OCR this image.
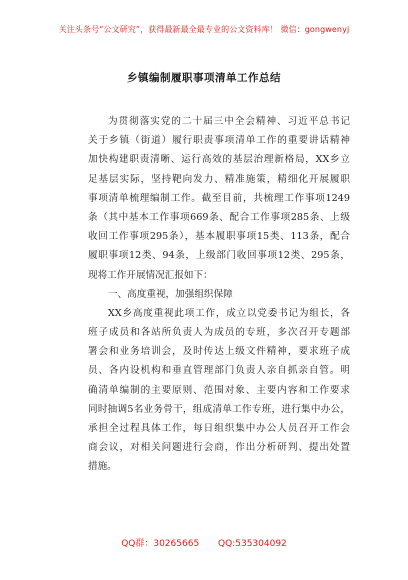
关注头条号“公文研究”，获得最新最全最专业的公文资料库！ 微信：gongwenyj
乡镇编制履职事项清单工作总结
为贯彻落实党的二十届三中全会精神、习近平总书记
关于乡镇（街道）履行职责事项清单工作的重要讲话精神
加快构建职责清晰、运行高效的基层治理新格局，XX乡立
足基层实际，坚持靶向发力、精准施策，精细化开展履职
事项清单梳理编制工作。截至目前，共梳理工作事项1249
条（其中基本工作事项669条、配合工作事项285条、上级
收回工作事项295条），基本履职事项15类、113条，配合
履职事项12类、94条，上级部门收回事项12类、295条，
现将工作开展情况汇报如下：
一、高度重视，加强组织保障
XX乡高度重视此项工作，成立以党委书记为组长，各
班子成员和各站所负责人为成员的专班，多次召开专题部
署会和业务培训会，及时传达上级文件精神，要求班子成
员、各内设机构和垂直管理部门负责人亲自抓亲自管。明
确清单编制的主要原则、范围对象、主要内容和工作要求
同时抽调5名业务骨干，组成清单工作专班，进行集中办公，
承担全过程具体工作，每日组织集中办公人员召开工作会
商会议，对相关问题进行会商，作出分析研判、提出处置
措施。
QQ群：30265665 QQ:535304092
